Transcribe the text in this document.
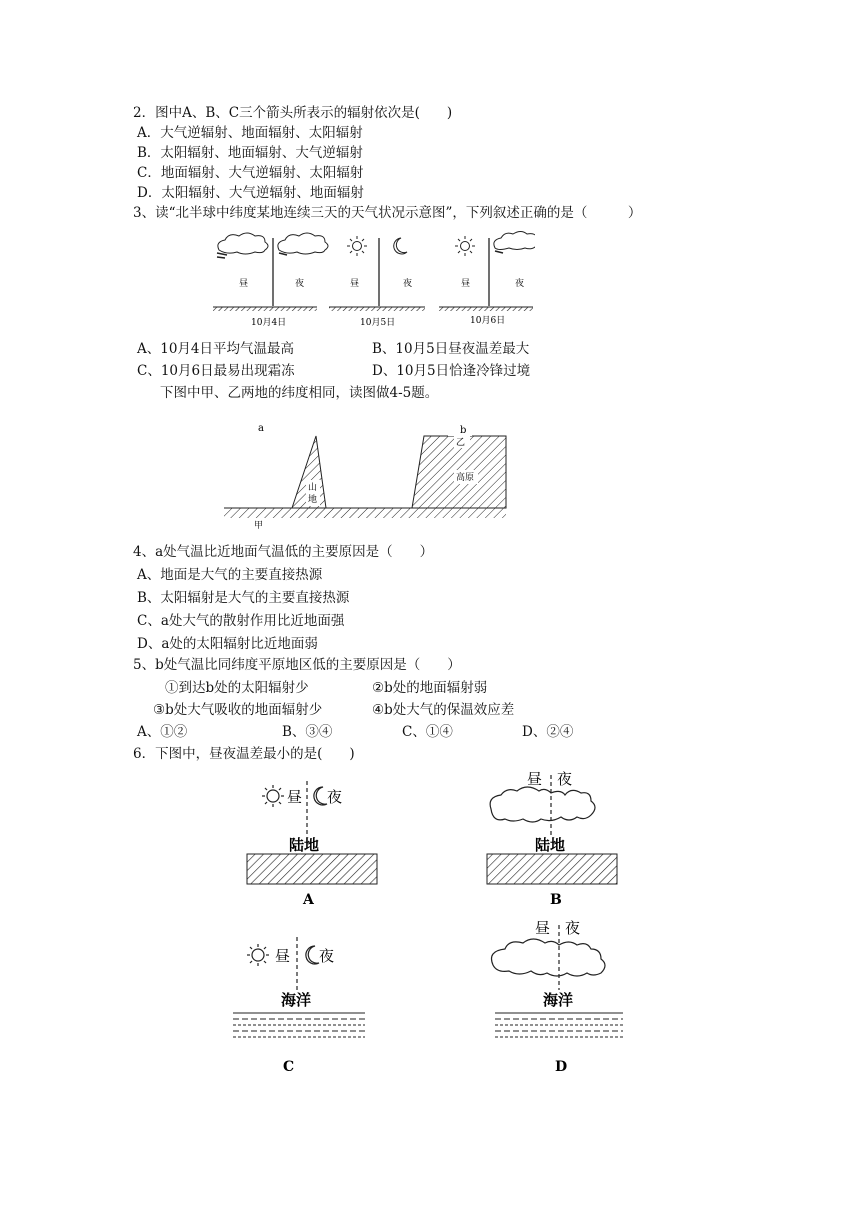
2．图中A、B、C三个箭头所表示的辐射依次是(　　)
A．大气逆辐射、地面辐射、太阳辐射
B．太阳辐射、地面辐射、大气逆辐射
C．地面辐射、大气逆辐射、太阳辐射
D．太阳辐射、大气逆辐射、地面辐射
3、读“北半球中纬度某地连续三天的天气状况示意图”，下列叙述正确的是（　　　）
昼	夜
10月4日
昼	夜
10月5日
昼	夜
10月6日
A、10月4日平均气温最高	B、10月5日昼夜温差最大
C、10月6日最易出现霜冻	D、10月5日恰逢冷锋过境
下图中甲、乙两地的纬度相同，读图做4-5题。
a	b
乙
高原
山
地
甲
4、a处气温比近地面气温低的主要原因是（　　）
A、地面是大气的主要直接热源
B、太阳辐射是大气的主要直接热源
C、a处大气的散射作用比近地面强
D、a处的太阳辐射比近地面弱
5、b处气温比同纬度平原地区低的主要原因是（　　）
①到达b处的太阳辐射少	②b处的地面辐射弱
③b处大气吸收的地面辐射少	④b处大气的保温效应差
A、①②	B、③④	C、①④	D、②④
6．下图中，昼夜温差最小的是(　　)
昼 夜
陆地
A
昼 夜
陆地
B
昼 夜
海洋
C
昼 夜
海洋
D
